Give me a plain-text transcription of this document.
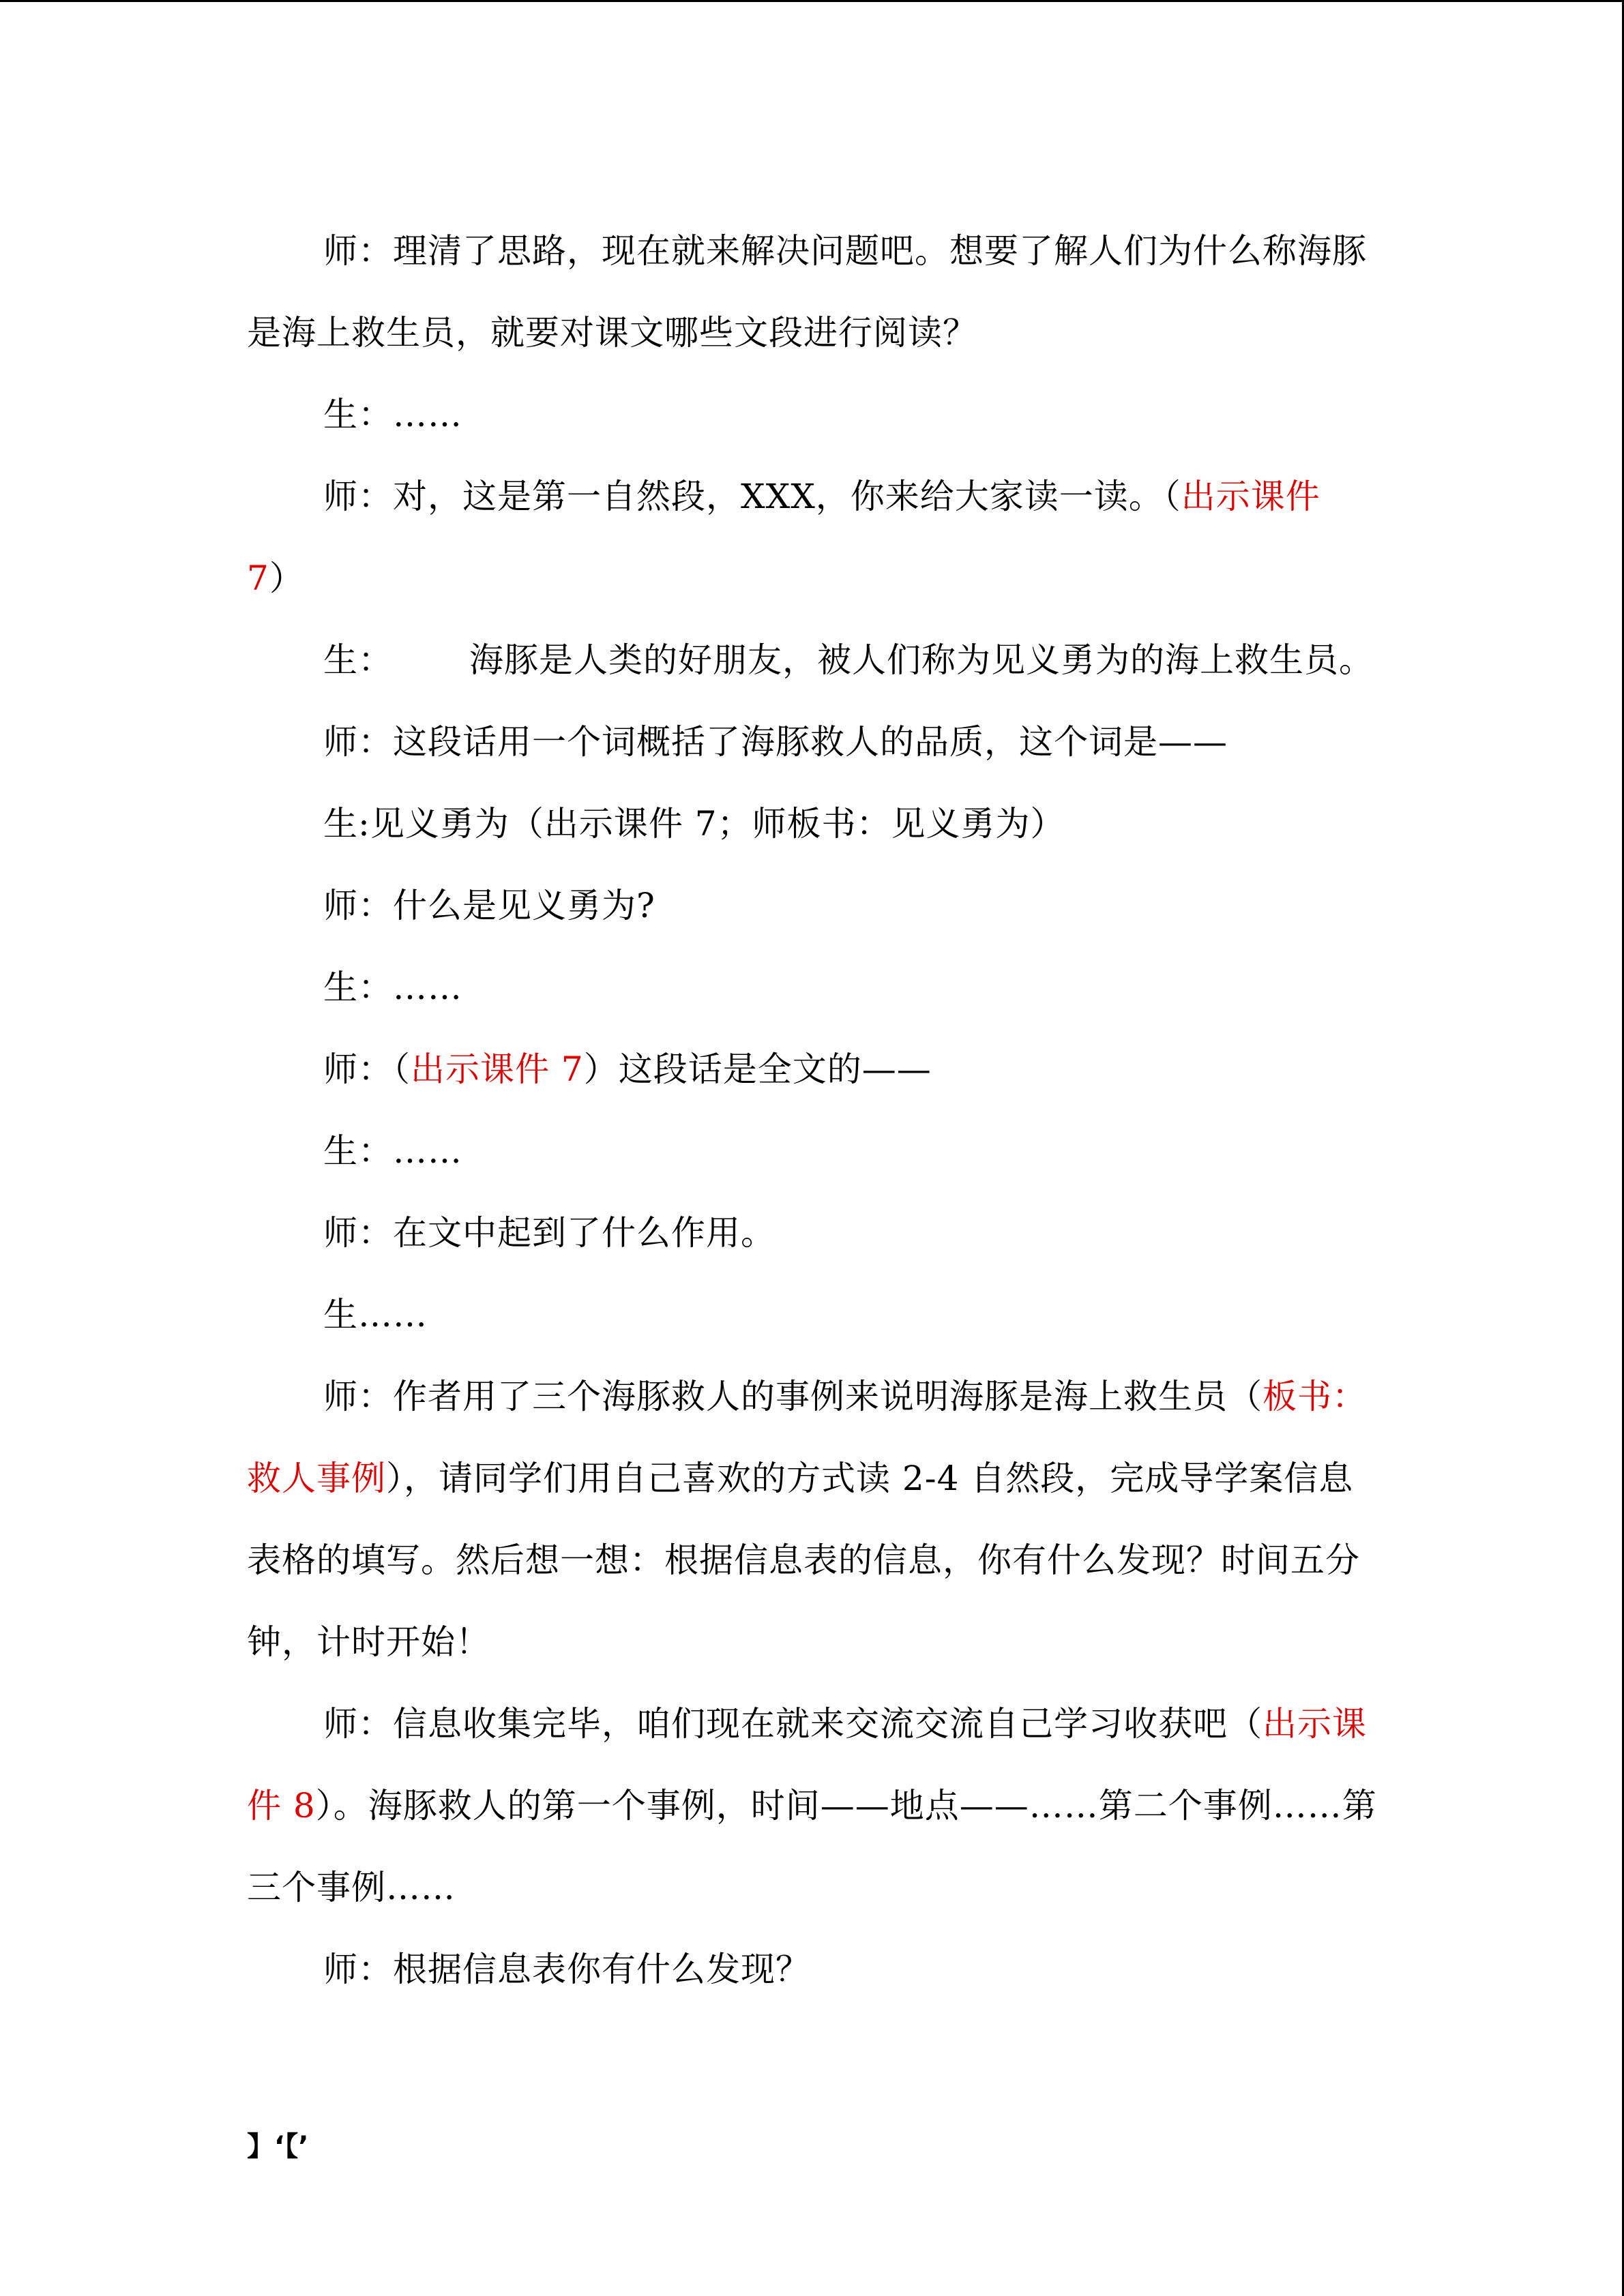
师：理清了思路，现在就来解决问题吧。想要了解人们为什么称海豚是海上救生员，就要对课文哪些文段进行阅读？

生：……

师：对，这是第一自然段，XXX，你来给大家读一读。（出示课件 7）

生： 海豚是人类的好朋友，被人们称为见义勇为的海上救生员。

师：这段话用一个词概括了海豚救人的品质，这个词是——

生:见义勇为（出示课件 7；师板书：见义勇为）

师：什么是见义勇为?

生：……

师：（出示课件 7）这段话是全文的——

生：……

师：在文中起到了什么作用。

生……

师：作者用了三个海豚救人的事例来说明海豚是海上救生员（板书：救人事例），请同学们用自己喜欢的方式读 2-4 自然段，完成导学案信息表格的填写。然后想一想：根据信息表的信息，你有什么发现？时间五分钟，计时开始！

师：信息收集完毕，咱们现在就来交流交流自己学习收获吧（出示课件 8）。海豚救人的第一个事例，时间——地点——……第二个事例……第三个事例……

师：根据信息表你有什么发现？

】‘【’
